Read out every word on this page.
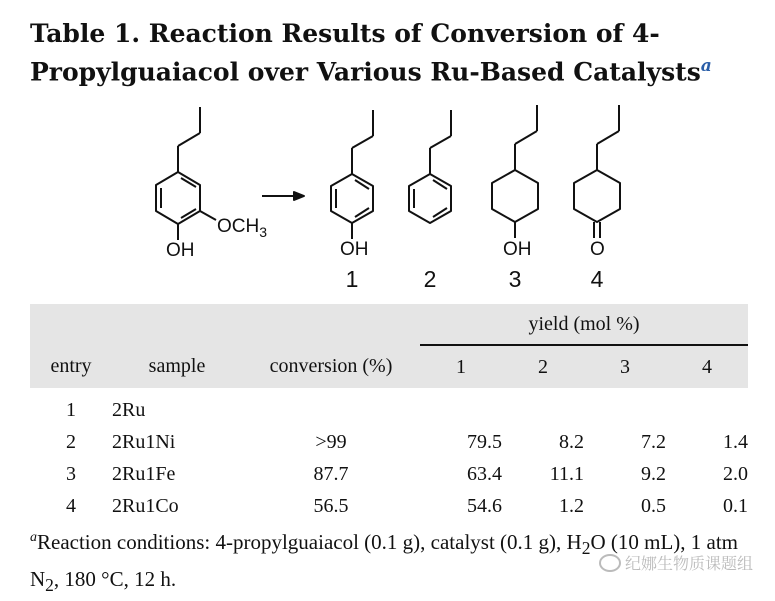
Table 1. Reaction Results of Conversion of 4-
Propylguaiacol over Various Ru-Based Catalysts$^a$
$OCH_3$
OH	OH	OH	O
1	2	3	4
			yield (mol %)			
entry	sample	conversion (%)	1	2	3	4
1	2Ru					
2	2Ru1Ni	>99	79.5	8.2	7.2	1.4
3	2Ru1Fe	87.7	63.4	11.1	9.2	2.0
4	2Ru1Co	56.5	54.6	1.2	0.5	0.1
$^a$Reaction conditions: 4-propylguaiacol (0.1 g), catalyst (0.1 g), $H_2O$ (10 mL), 1 atm $N_2$, 180 °C, 12 h.
纪娜生物质课题组
